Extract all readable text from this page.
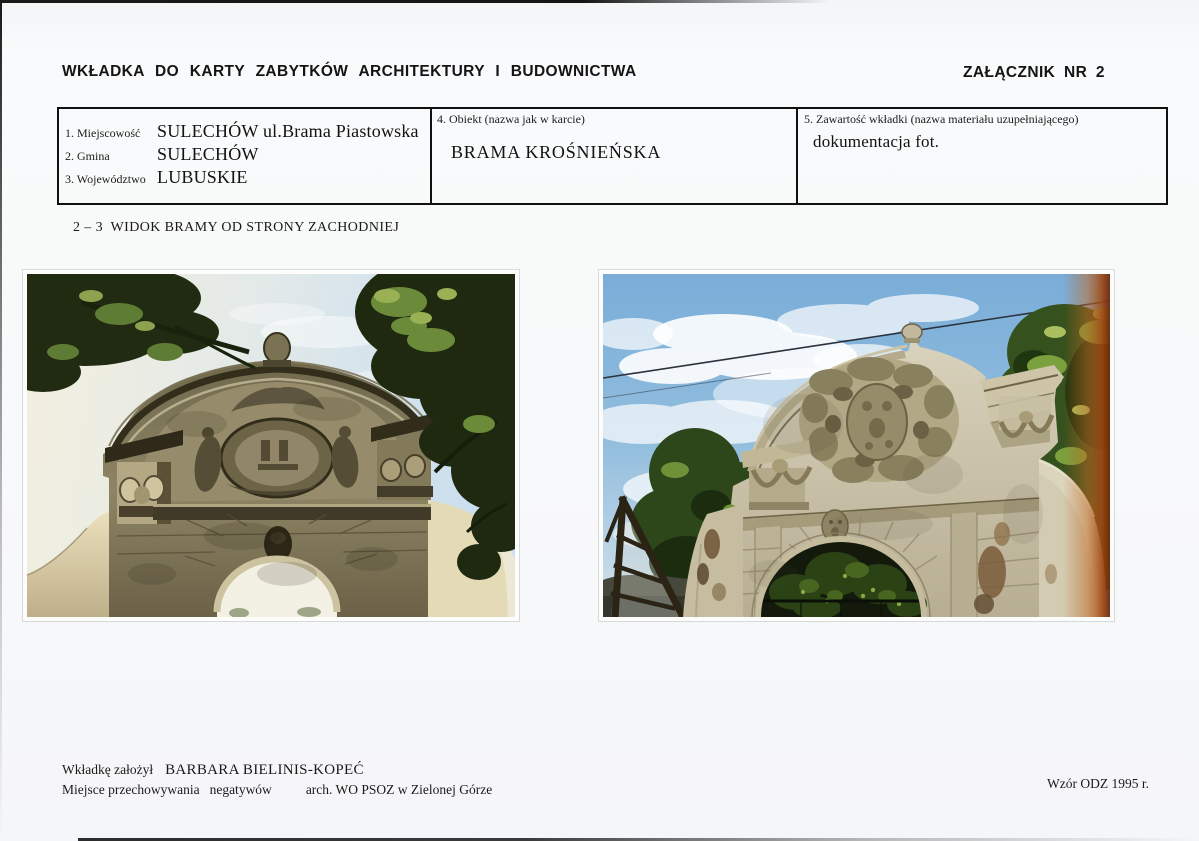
WKŁADKA DO KARTY ZABYTKÓW ARCHITEKTURY I BUDOWNICTWA	ZAŁĄCZNIK NR 2
1. Miejscowość SULECHÓW ul.Brama Piastowska
2. Gmina	SULECHÓW
3. Województwo LUBUSKIE
4. Obiekt (nazwa jak w karcie)
BRAMA KROŚNIEŃSKA
5. Zawartość wkładki (nazwa materiału uzupełniającego)
dokumentacja fot.
2 – 3  WIDOK BRAMY OD STRONY ZACHODNIEJ
Wkładkę założył BARBARA BIELINIS-KOPEĆ
Miejsce przechowywania negatywów	arch. WO PSOZ w Zielonej Górze	Wzór ODZ 1995 r.
